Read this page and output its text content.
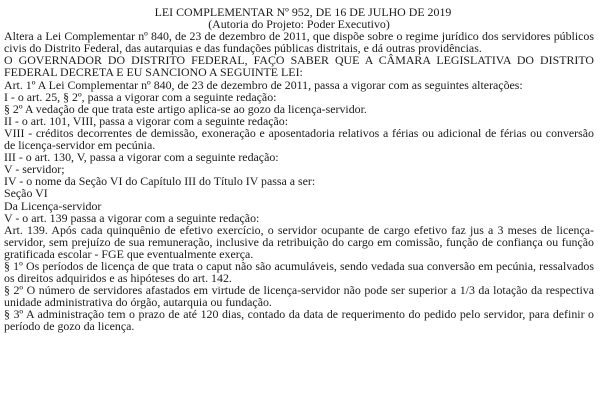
LEI COMPLEMENTAR Nº 952, DE 16 DE JULHO DE 2019
(Autoria do Projeto: Poder Executivo)

Altera a Lei Complementar nº 840, de 23 de dezembro de 2011, que dispõe sobre o regime jurídico dos servidores públicos civis do Distrito Federal, das autarquias e das fundações públicas distritais, e dá outras providências.

O GOVERNADOR DO DISTRITO FEDERAL, FAÇO SABER QUE A CÂMARA LEGISLATIVA DO DISTRITO FEDERAL DECRETA E EU SANCIONO A SEGUINTE LEI:

Art. 1º A Lei Complementar nº 840, de 23 de dezembro de 2011, passa a vigorar com as seguintes alterações:

I - o art. 25, § 2º, passa a vigorar com a seguinte redação:

§ 2º A vedação de que trata este artigo aplica-se ao gozo da licença-servidor.

II - o art. 101, VIII, passa a vigorar com a seguinte redação:

VIII - créditos decorrentes de demissão, exoneração e aposentadoria relativos a férias ou adicional de férias ou conversão de licença-servidor em pecúnia.

III - o art. 130, V, passa a vigorar com a seguinte redação:

V - servidor;

IV - o nome da Seção VI do Capítulo III do Título IV passa a ser:

Seção VI

Da Licença-servidor

V - o art. 139 passa a vigorar com a seguinte redação:

Art. 139. Após cada quinquênio de efetivo exercício, o servidor ocupante de cargo efetivo faz jus a 3 meses de licença-servidor, sem prejuízo de sua remuneração, inclusive da retribuição do cargo em comissão, função de confiança ou função gratificada escolar - FGE que eventualmente exerça.

§ 1º Os períodos de licença de que trata o caput não são acumuláveis, sendo vedada sua conversão em pecúnia, ressalvados os direitos adquiridos e as hipóteses do art. 142.

§ 2º O número de servidores afastados em virtude de licença-servidor não pode ser superior a 1/3 da lotação da respectiva unidade administrativa do órgão, autarquia ou fundação.

§ 3º A administração tem o prazo de até 120 dias, contado da data de requerimento do pedido pelo servidor, para definir o período de gozo da licença.
